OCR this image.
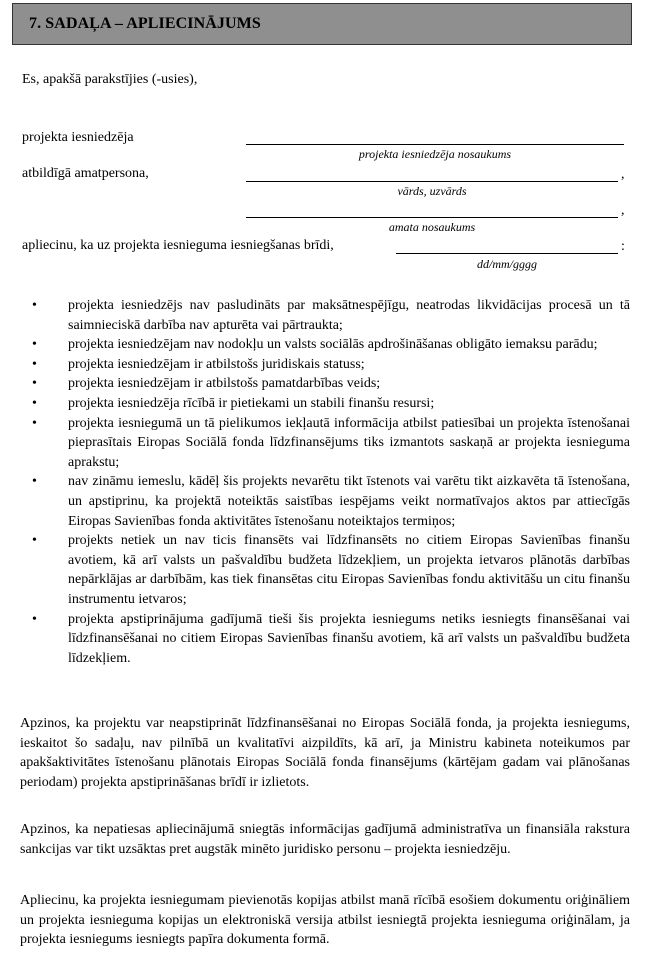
7. SADAĻA – APLIECINĀJUMS
Es, apakšā parakstījies (-usies),
projekta iesniedzēja
projekta iesniedzēja nosaukums
atbildīgā amatpersona,	,
vārds, uzvārds
,
amata nosaukums
apliecinu, ka uz projekta iesnieguma iesniegšanas brīdi,	:
dd/mm/gggg
• projekta iesniedzējs nav pasludināts par maksātnespējīgu, neatrodas likvidācijas procesā un tā saimnieciskā darbība nav apturēta vai pārtraukta;
• projekta iesniedzējam nav nodokļu un valsts sociālās apdrošināšanas obligāto iemaksu parādu;
• projekta iesniedzējam ir atbilstošs juridiskais statuss;
• projekta iesniedzējam ir atbilstošs pamatdarbības veids;
• projekta iesniedzēja rīcībā ir pietiekami un stabili finanšu resursi;
• projekta iesniegumā un tā pielikumos iekļautā informācija atbilst patiesībai un projekta īstenošanai pieprasītais Eiropas Sociālā fonda līdzfinansējums tiks izmantots saskaņā ar projekta iesnieguma aprakstu;
• nav zināmu iemeslu, kādēļ šis projekts nevarētu tikt īstenots vai varētu tikt aizkavēta tā īstenošana, un apstiprinu, ka projektā noteiktās saistības iespējams veikt normatīvajos aktos par attiecīgās Eiropas Savienības fonda aktivitātes īstenošanu noteiktajos termiņos;
• projekts netiek un nav ticis finansēts vai līdzfinansēts no citiem Eiropas Savienības finanšu avotiem, kā arī valsts un pašvaldību budžeta līdzekļiem, un projekta ietvaros plānotās darbības nepārklājas ar darbībām, kas tiek finansētas citu Eiropas Savienības fondu aktivitāšu un citu finanšu instrumentu ietvaros;
• projekta apstiprinājuma gadījumā tieši šis projekta iesniegums netiks iesniegts finansēšanai vai līdzfinansēšanai no citiem Eiropas Savienības finanšu avotiem, kā arī valsts un pašvaldību budžeta līdzekļiem.

Apzinos, ka projektu var neapstiprināt līdzfinansēšanai no Eiropas Sociālā fonda, ja projekta iesniegums, ieskaitot šo sadaļu, nav pilnībā un kvalitatīvi aizpildīts, kā arī, ja Ministru kabineta noteikumos par apakšaktivitātes īstenošanu plānotais Eiropas Sociālā fonda finansējums (kārtējam gadam vai plānošanas periodam) projekta apstiprināšanas brīdī ir izlietots.

Apzinos, ka nepatiesas apliecinājumā sniegtās informācijas gadījumā administratīva un finansiāla rakstura sankcijas var tikt uzsāktas pret augstāk minēto juridisko personu – projekta iesniedzēju.

Apliecinu, ka projekta iesniegumam pievienotās kopijas atbilst manā rīcībā esošiem dokumentu oriģināliem un projekta iesnieguma kopijas un elektroniskā versija atbilst iesniegtā projekta iesnieguma oriģinālam, ja projekta iesniegums iesniegts papīra dokumenta formā.
